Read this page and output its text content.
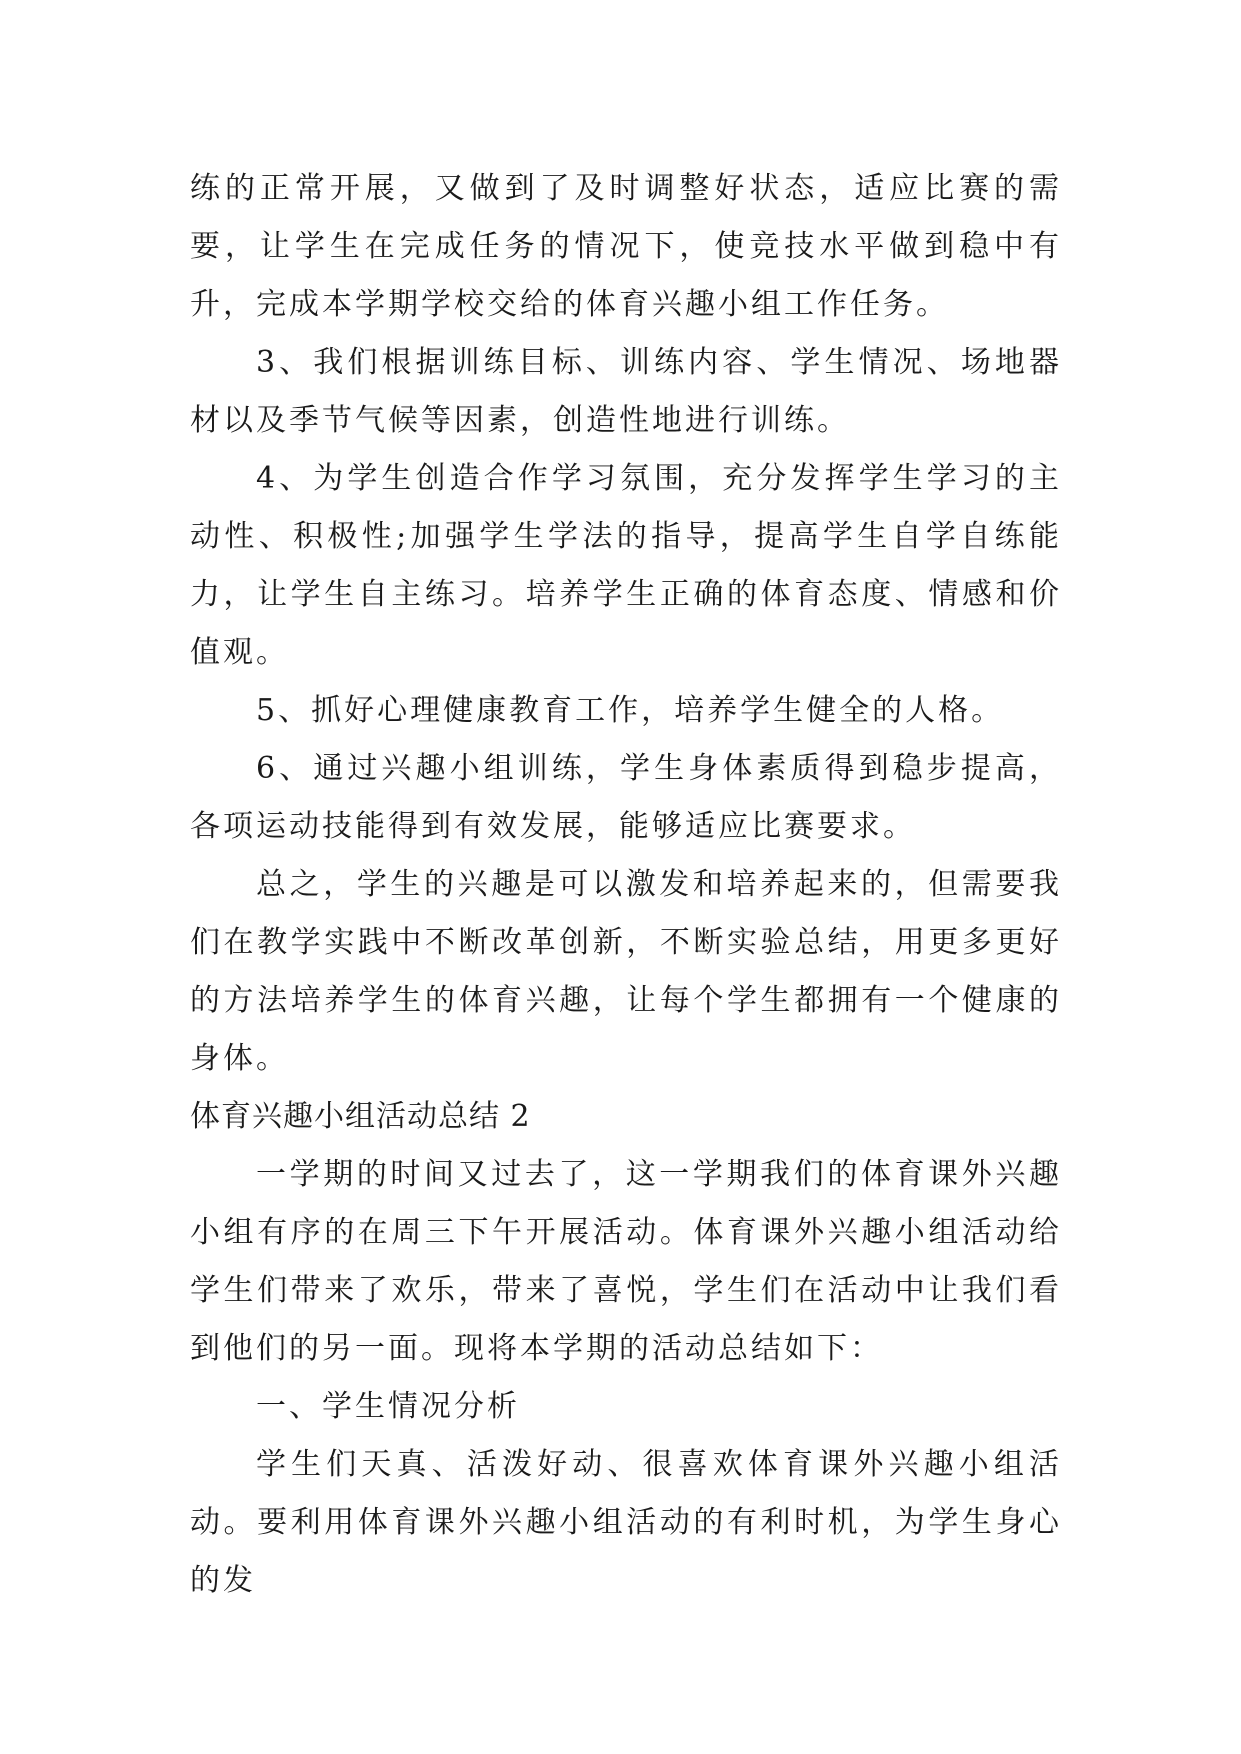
练的正常开展，又做到了及时调整好状态，适应比赛的需要，让学生在完成任务的情况下，使竞技水平做到稳中有升，完成本学期学校交给的体育兴趣小组工作任务。

3、我们根据训练目标、训练内容、学生情况、场地器材以及季节气候等因素，创造性地进行训练。

4、为学生创造合作学习氛围，充分发挥学生学习的主动性、积极性;加强学生学法的指导，提高学生自学自练能力，让学生自主练习。培养学生正确的体育态度、情感和价值观。

5、抓好心理健康教育工作，培养学生健全的人格。

6、通过兴趣小组训练，学生身体素质得到稳步提高，各项运动技能得到有效发展，能够适应比赛要求。

总之，学生的兴趣是可以激发和培养起来的，但需要我们在教学实践中不断改革创新，不断实验总结，用更多更好的方法培养学生的体育兴趣，让每个学生都拥有一个健康的身体。

体育兴趣小组活动总结 2

一学期的时间又过去了，这一学期我们的体育课外兴趣小组有序的在周三下午开展活动。体育课外兴趣小组活动给学生们带来了欢乐，带来了喜悦，学生们在活动中让我们看到他们的另一面。现将本学期的活动总结如下：

一、学生情况分析

学生们天真、活泼好动、很喜欢体育课外兴趣小组活动。要利用体育课外兴趣小组活动的有利时机，为学生身心的发
